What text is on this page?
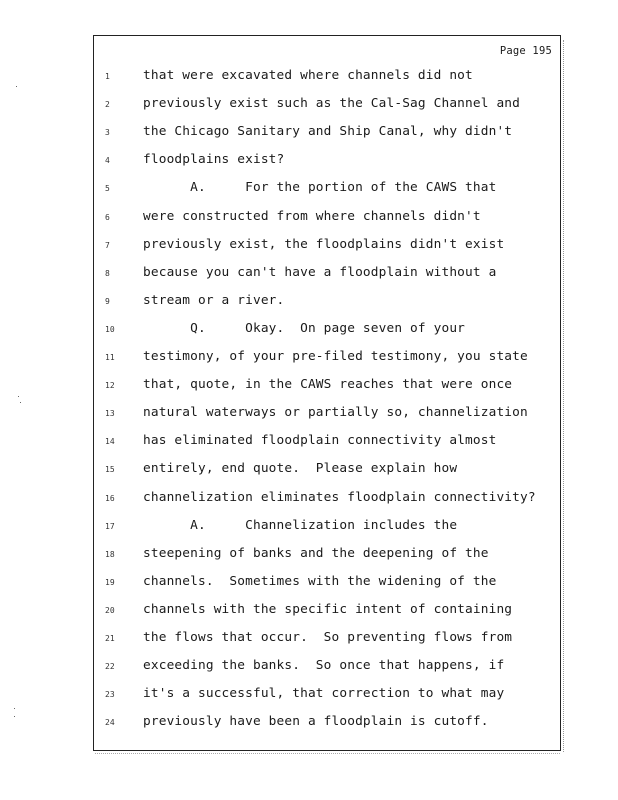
Page 195
1	that were excavated where channels did not
2	previously exist such as the Cal-Sag Channel and
3	the Chicago Sanitary and Ship Canal, why didn't
4	floodplains exist?
5	A.     For the portion of the CAWS that
6	were constructed from where channels didn't
7	previously exist, the floodplains didn't exist
8	because you can't have a floodplain without a
9	stream or a river.
10 Q.     Okay.  On page seven of your
11 testimony, of your pre-filed testimony, you state
12 that, quote, in the CAWS reaches that were once
13 natural waterways or partially so, channelization
14 has eliminated floodplain connectivity almost
15 entirely, end quote.  Please explain how
16 channelization eliminates floodplain connectivity?
17 A.     Channelization includes the
18 steepening of banks and the deepening of the
19 channels.  Sometimes with the widening of the
20 channels with the specific intent of containing
21 the flows that occur.  So preventing flows from
22 exceeding the banks.  So once that happens, if
23 it's a successful, that correction to what may
24 previously have been a floodplain is cutoff.
